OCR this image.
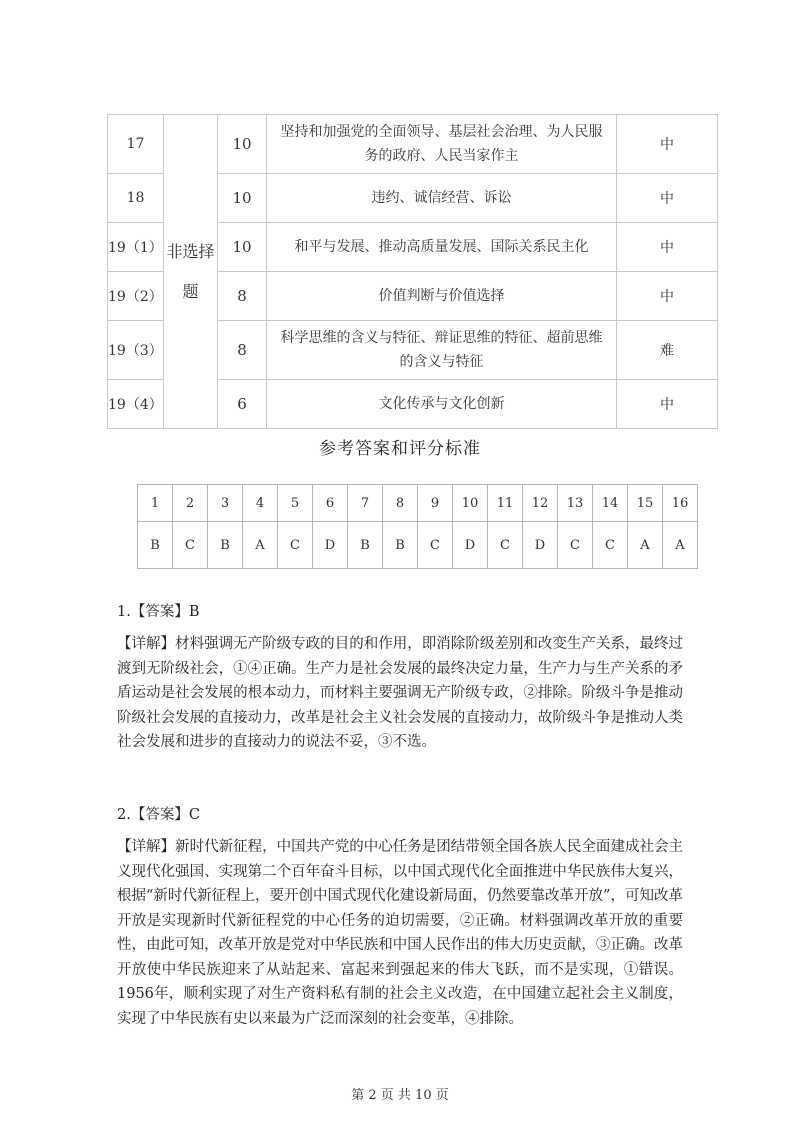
17	非选择题	10	坚持和加强党的全面领导、基层社会治理、为人民服务的政府、人民当家作主	中
18		10	违约、诚信经营、诉讼	中
19（1）		10	和平与发展、推动高质量发展、国际关系民主化	中
19（2）		8	价值判断与价值选择	中
19（3）		8	科学思维的含义与特征、辩证思维的特征、超前思维的含义与特征	难
19（4）		6	文化传承与文化创新	中
参考答案和评分标准
1	2	3	4	5	6	7	8	9	10	11	12	13	14	15	16
B	C	B	A	C	D	B	B	C	D	C	D	C	C	A	A
1.【答案】B
【详解】材料强调无产阶级专政的目的和作用，即消除阶级差别和改变生产关系，最终过渡到无阶级社会，①④正确。生产力是社会发展的最终决定力量，生产力与生产关系的矛盾运动是社会发展的根本动力，而材料主要强调无产阶级专政，②排除。阶级斗争是推动阶级社会发展的直接动力，改革是社会主义社会发展的直接动力，故阶级斗争是推动人类社会发展和进步的直接动力的说法不妥，③不选。
2.【答案】C
【详解】新时代新征程，中国共产党的中心任务是团结带领全国各族人民全面建成社会主义现代化强国、实现第二个百年奋斗目标，以中国式现代化全面推进中华民族伟大复兴，根据“新时代新征程上，要开创中国式现代化建设新局面，仍然要靠改革开放”，可知改革开放是实现新时代新征程党的中心任务的迫切需要，②正确。材料强调改革开放的重要性，由此可知，改革开放是党对中华民族和中国人民作出的伟大历史贡献，③正确。改革开放使中华民族迎来了从站起来、富起来到强起来的伟大飞跃，而不是实现，①错误。1956年，顺利实现了对生产资料私有制的社会主义改造，在中国建立起社会主义制度，实现了中华民族有史以来最为广泛而深刻的社会变革，④排除。
第 2 页 共 10 页
